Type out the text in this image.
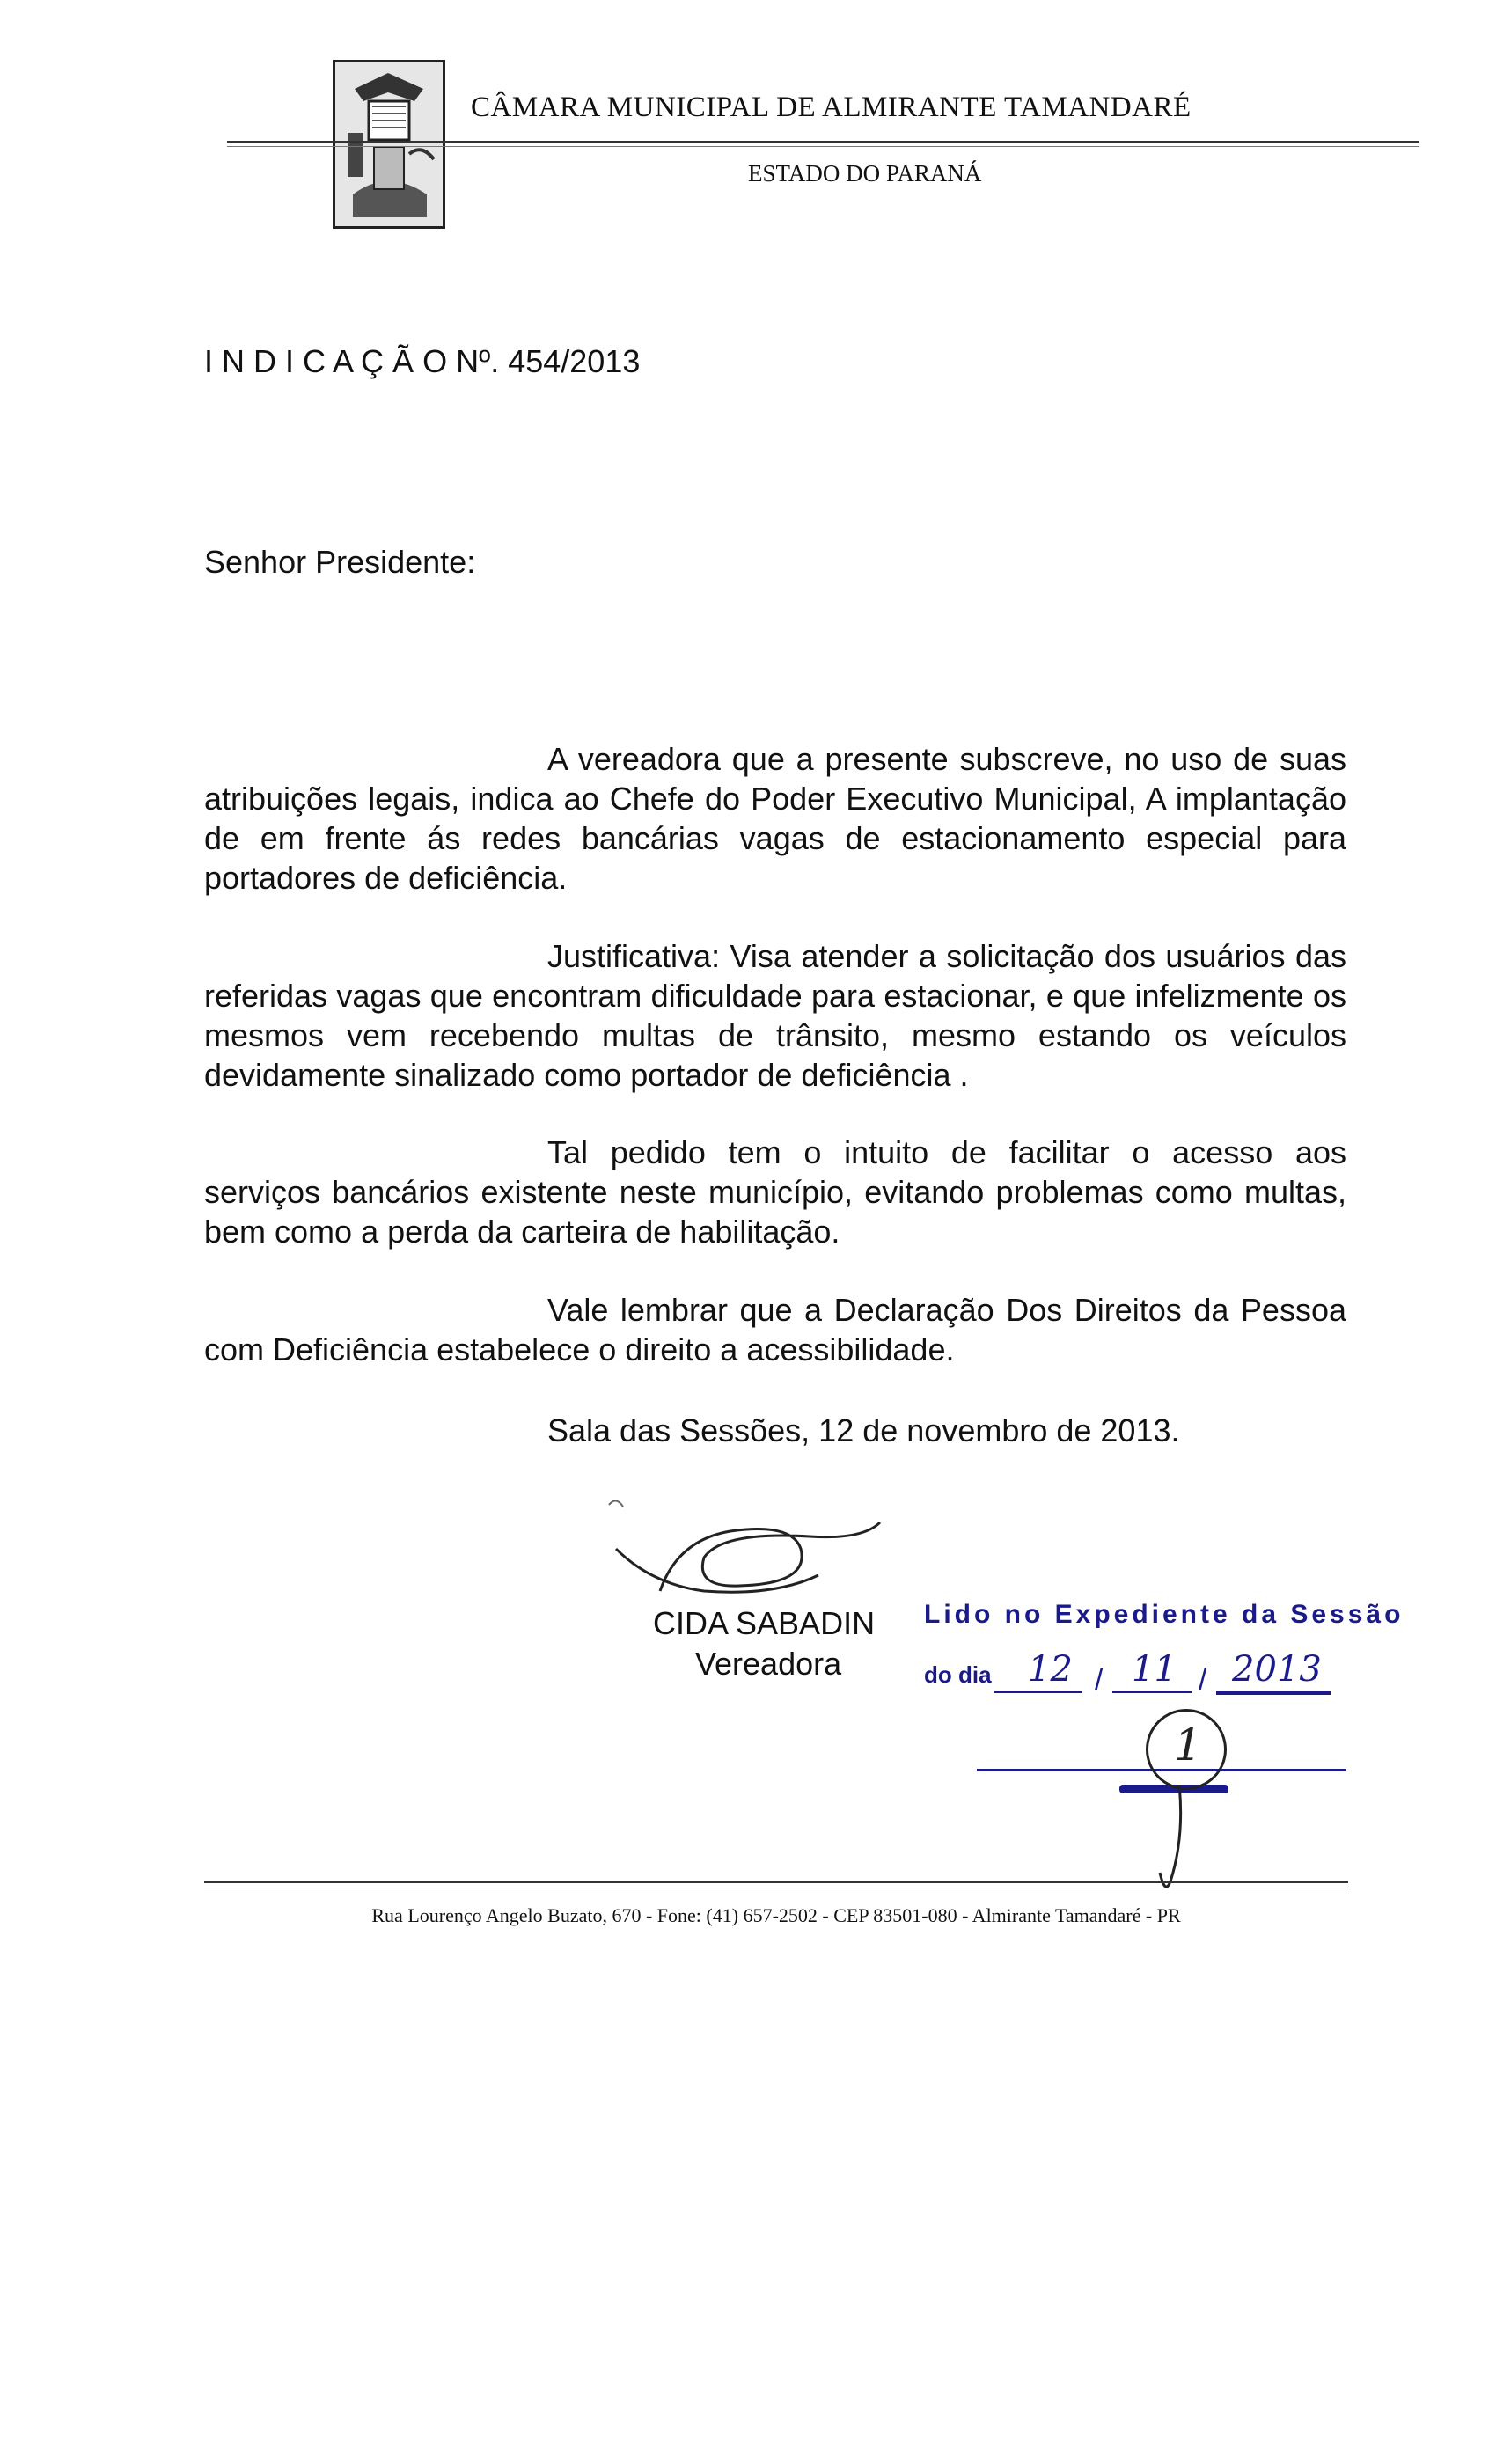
CÂMARA MUNICIPAL DE ALMIRANTE TAMANDARÉ
ESTADO DO PARANÁ
I N D I C A Ç Ã O Nº. 454/2013
Senhor Presidente:
A vereadora que a presente subscreve, no uso de suas atribuições legais, indica ao Chefe do Poder Executivo Municipal, A implantação de em frente ás redes bancárias vagas de estacionamento especial para portadores de deficiência.
Justificativa: Visa atender a solicitação dos usuários das referidas vagas que encontram dificuldade para estacionar, e que infelizmente os mesmos vem recebendo multas de trânsito, mesmo estando os veículos devidamente sinalizado como portador de deficiência .
Tal pedido tem o intuito de facilitar o acesso aos serviços bancários existente neste município, evitando problemas como multas, bem como a perda da carteira de habilitação.
Vale lembrar que a Declaração Dos Direitos da Pessoa com Deficiência estabelece o direito a acessibilidade.
Sala das Sessões, 12 de novembro de 2013.
CIDA SABADIN
Vereadora
Lido no Expediente da Sessão
do dia 12 / 11 / 2013
1
Rua Lourenço Angelo Buzato, 670 - Fone: (41) 657-2502 - CEP 83501-080 - Almirante Tamandaré - PR
